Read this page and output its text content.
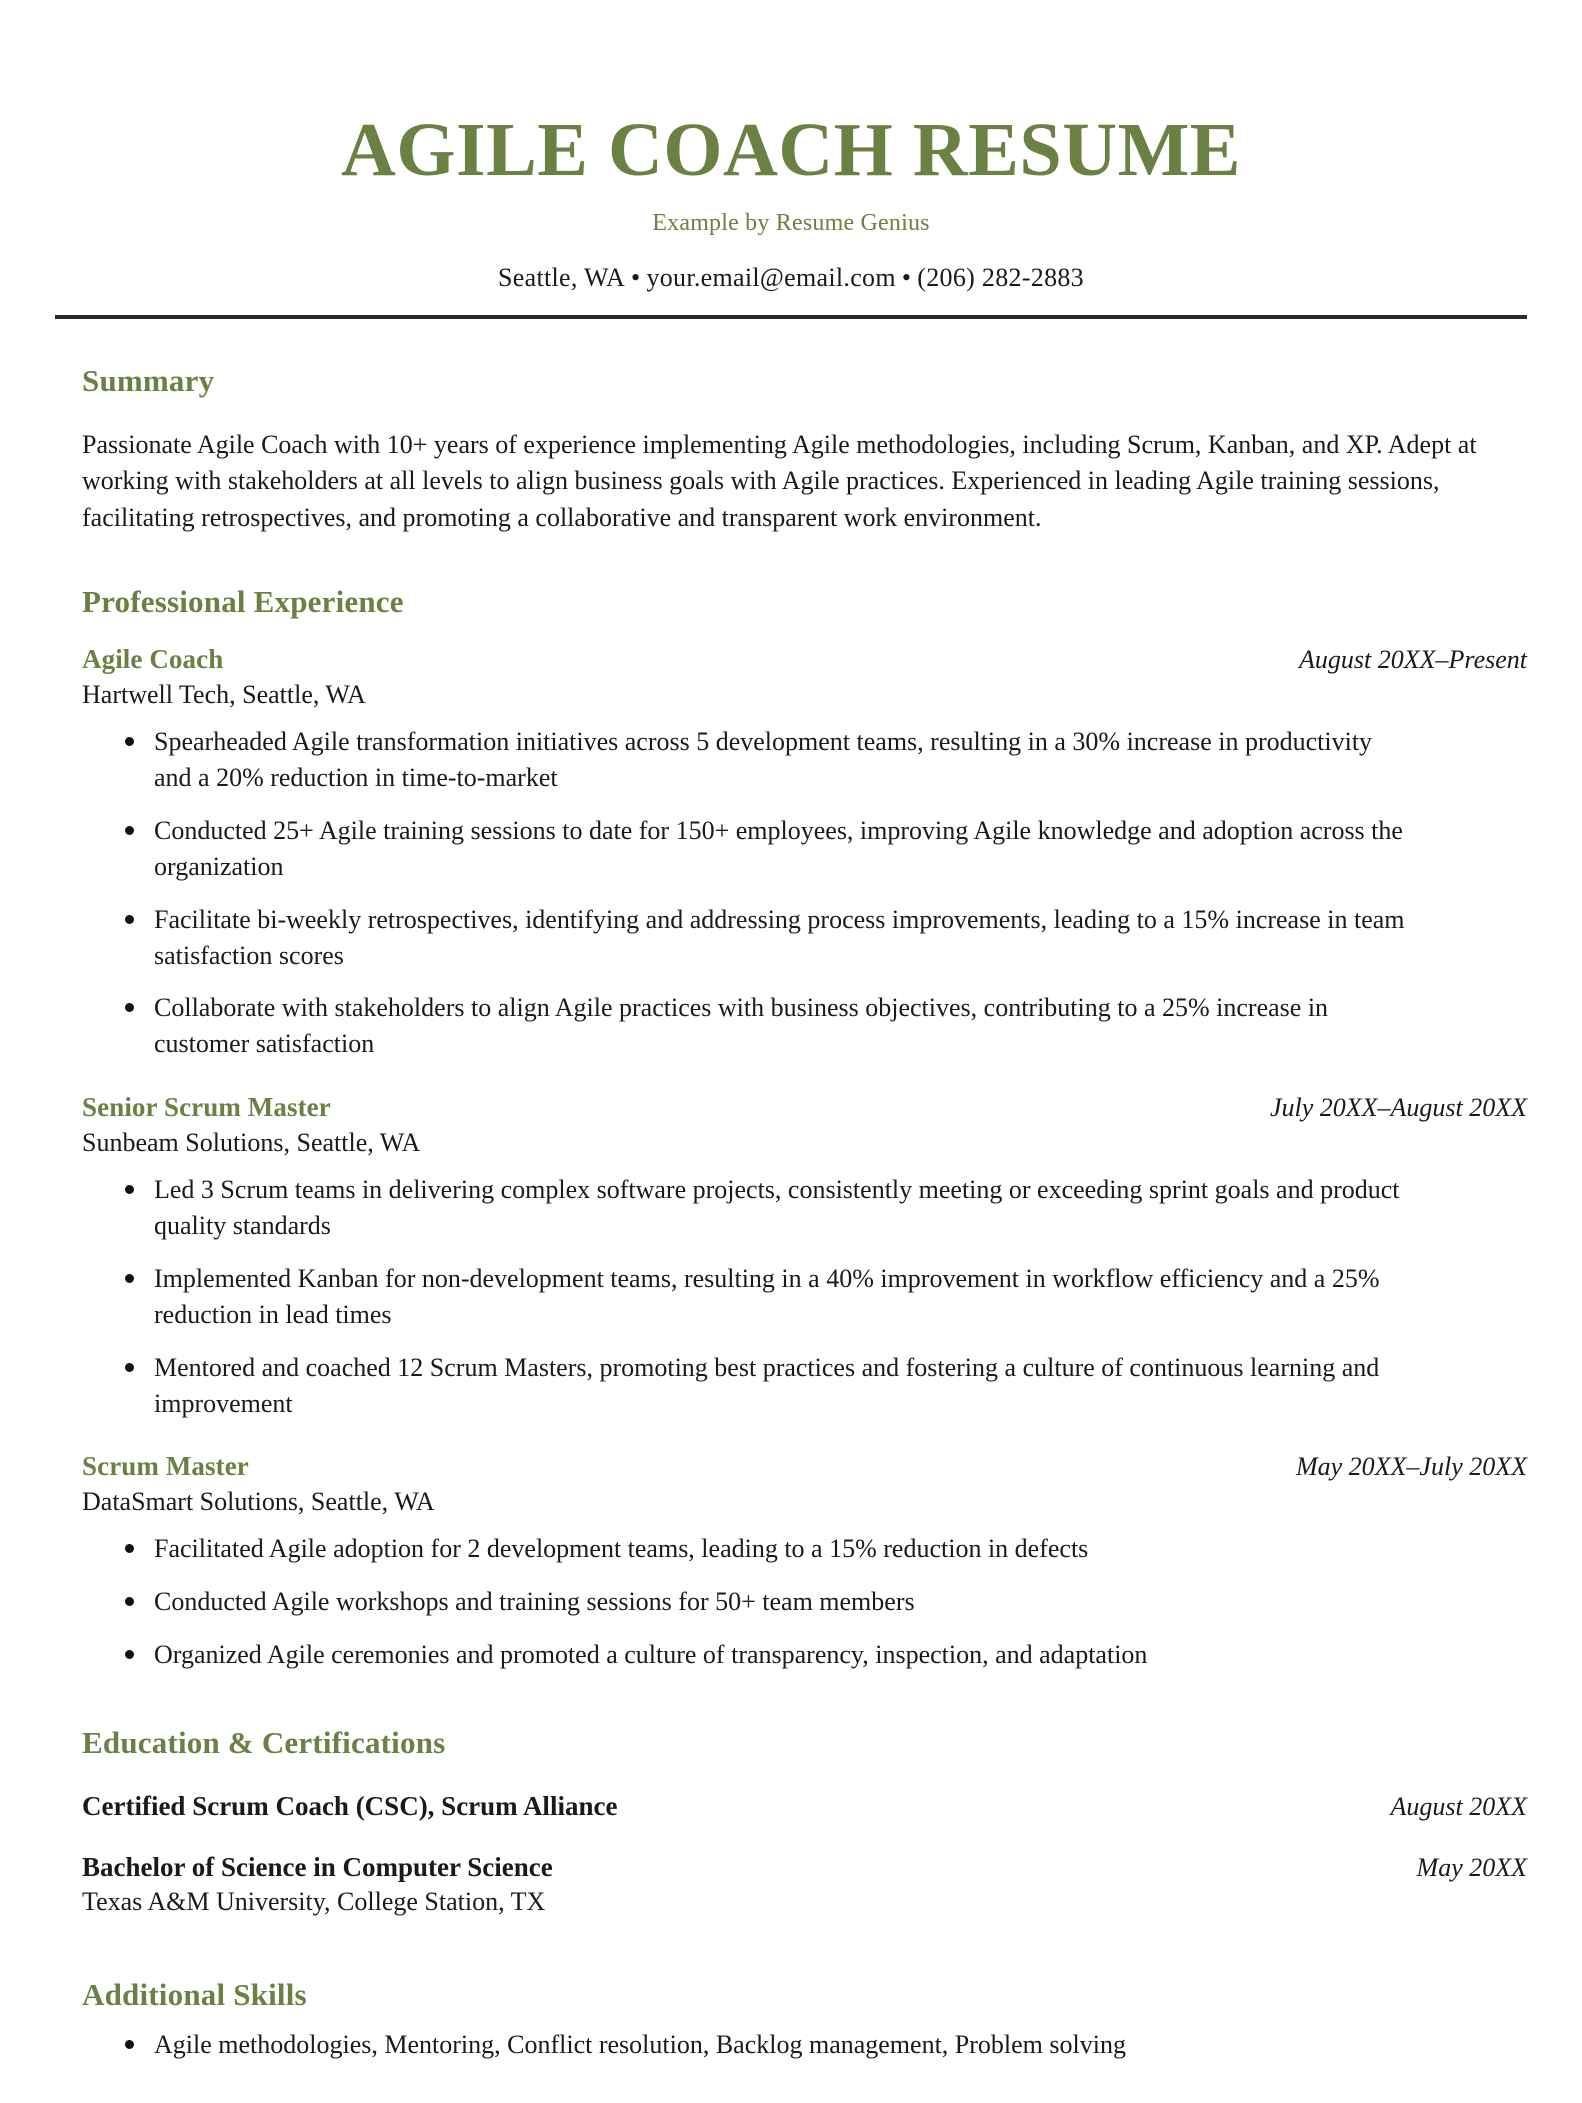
AGILE COACH RESUME
Example by Resume Genius
Seattle, WA • your.email@email.com • (206) 282-2883
Summary

Passionate Agile Coach with 10+ years of experience implementing Agile methodologies, including Scrum, Kanban, and XP. Adept at working with stakeholders at all levels to align business goals with Agile practices. Experienced in leading Agile training sessions, facilitating retrospectives, and promoting a collaborative and transparent work environment.

Professional Experience
Agile Coach	August 20XX–Present
Hartwell Tech, Seattle, WA
Spearheaded Agile transformation initiatives across 5 development teams, resulting in a 30% increase in productivity and a 20% reduction in time-to-market
Conducted 25+ Agile training sessions to date for 150+ employees, improving Agile knowledge and adoption across the organization
Facilitate bi-weekly retrospectives, identifying and addressing process improvements, leading to a 15% increase in team satisfaction scores
Collaborate with stakeholders to align Agile practices with business objectives, contributing to a 25% increase in customer satisfaction
Senior Scrum Master	July 20XX–August 20XX
Sunbeam Solutions, Seattle, WA
Led 3 Scrum teams in delivering complex software projects, consistently meeting or exceeding sprint goals and product quality standards
Implemented Kanban for non-development teams, resulting in a 40% improvement in workflow efficiency and a 25% reduction in lead times
Mentored and coached 12 Scrum Masters, promoting best practices and fostering a culture of continuous learning and improvement
Scrum Master	May 20XX–July 20XX
DataSmart Solutions, Seattle, WA
Facilitated Agile adoption for 2 development teams, leading to a 15% reduction in defects
Conducted Agile workshops and training sessions for 50+ team members
Organized Agile ceremonies and promoted a culture of transparency, inspection, and adaptation
Education & Certifications
Certified Scrum Coach (CSC), Scrum Alliance	August 20XX
Bachelor of Science in Computer Science	May 20XX
Texas A&M University, College Station, TX
Additional Skills
Agile methodologies, Mentoring, Conflict resolution, Backlog management, Problem solving
